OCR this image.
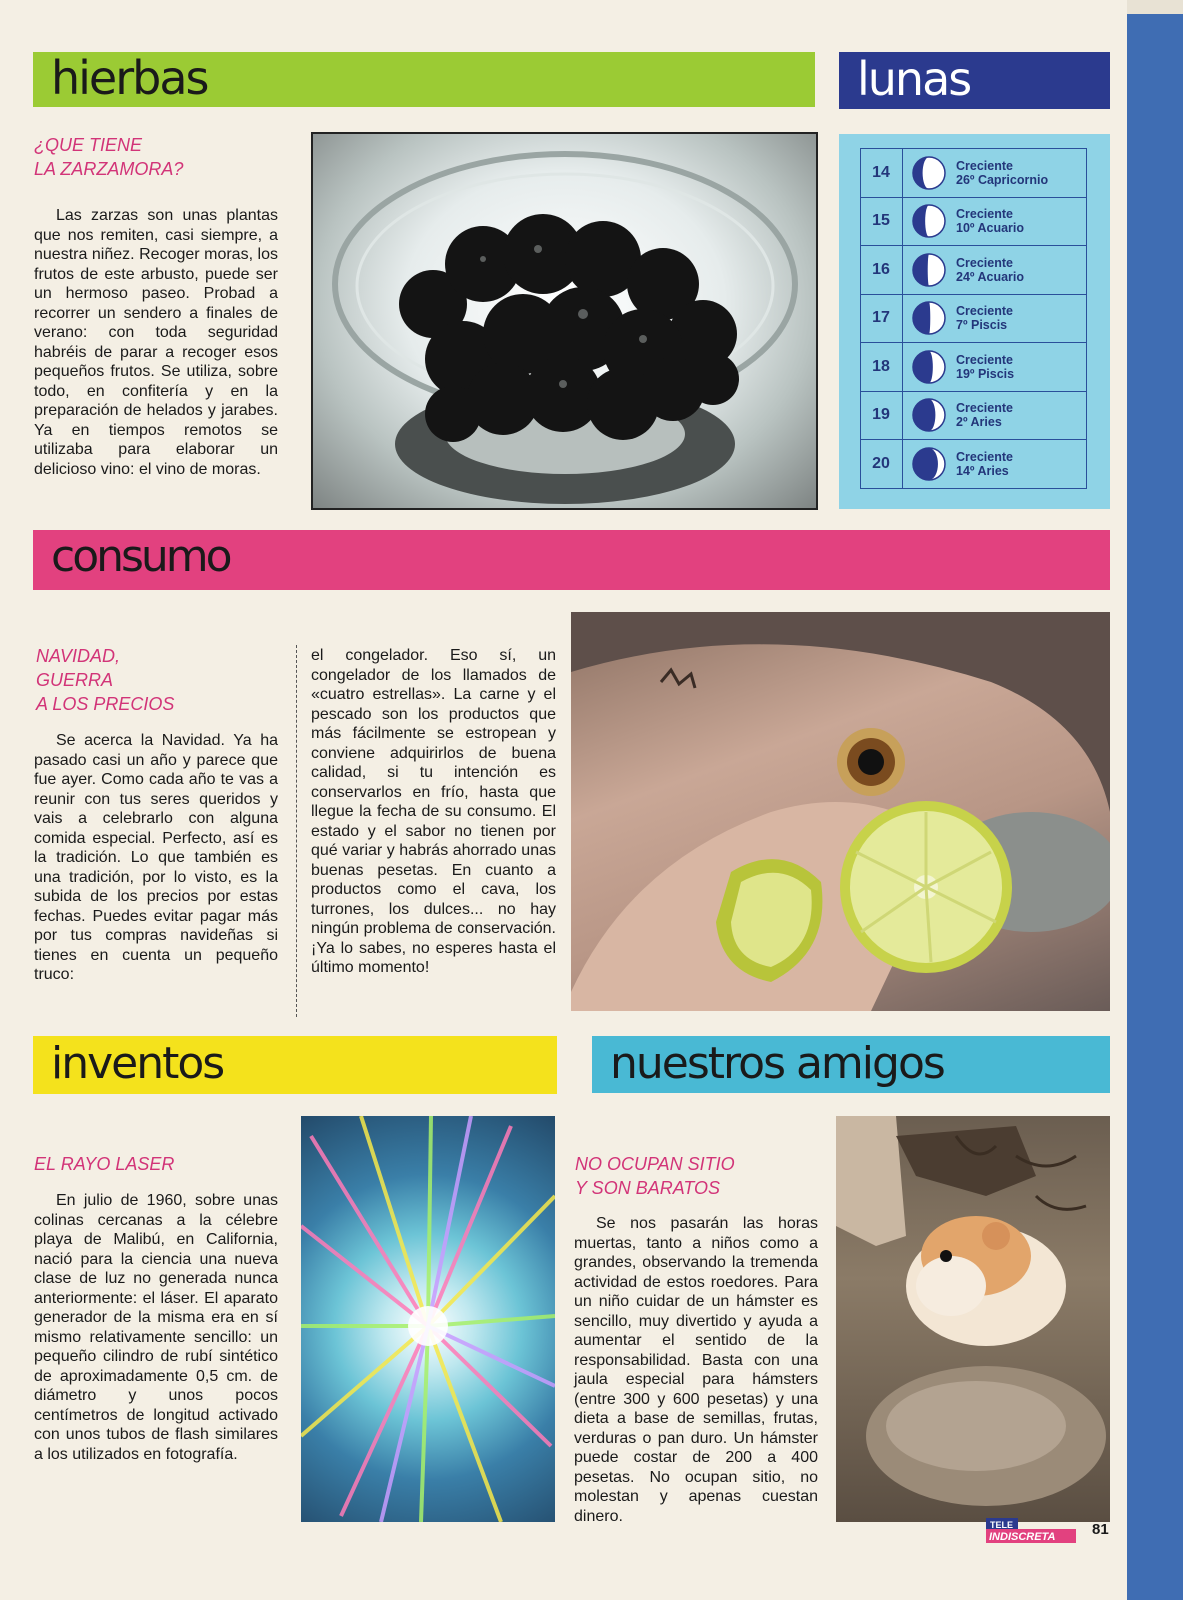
hierbas	lunas
¿QUE TIENE
LA ZARZAMORA?

Las zarzas son unas plantas que nos remiten, casi siempre, a nuestra niñez. Recoger moras, los frutos de este arbusto, puede ser un hermoso paseo. Probad a recorrer un sendero a finales de verano: con toda seguridad habréis de parar a recoger esos pequeños frutos. Se utiliza, sobre todo, en confitería y en la preparación de helados y jarabes. Ya en tiempos remotos se utilizaba para elaborar un delicioso vino: el vino de moras.

14	Creciente
26º Capricornio
15	Creciente
10º Acuario
16	Creciente
24º Acuario
17	Creciente
7º Piscis
18	Creciente
19º Piscis
19	Creciente
2º Aries
20	Creciente
14º Aries
consumo
NAVIDAD,
GUERRA
A LOS PRECIOS

Se acerca la Navidad. Ya ha pasado casi un año y parece que fue ayer. Como cada año te vas a reunir con tus seres queridos y vais a celebrarlo con alguna comida especial. Perfecto, así es la tradición. Lo que también es una tradición, por lo visto, es la subida de los precios por estas fechas. Puedes evitar pagar más por tus compras navideñas si tienes en cuenta un pequeño truco:

el congelador. Eso sí, un congelador de los llamados de «cuatro estrellas». La carne y el pescado son los productos que más fácilmente se estropean y conviene adquirirlos de buena calidad, si tu intención es conservarlos en frío, hasta que llegue la fecha de su consumo. El estado y el sabor no tienen por qué variar y habrás ahorrado unas buenas pesetas. En cuanto a productos como el cava, los turrones, los dulces... no hay ningún problema de conservación. ¡Ya lo sabes, no esperes hasta el último momento!

inventos	nuestros amigos
EL RAYO LASER

En julio de 1960, sobre unas colinas cercanas a la célebre playa de Malibú, en California, nació para la ciencia una nueva clase de luz no generada nunca anteriormente: el láser. El aparato generador de la misma era en sí mismo relativamente sencillo: un pequeño cilindro de rubí sintético de aproximadamente 0,5 cm. de diámetro y unos pocos centímetros de longitud activado con unos tubos de flash similares a los utilizados en fotografía.

NO OCUPAN SITIO
Y SON BARATOS

Se nos pasarán las horas muertas, tanto a niños como a grandes, observando la tremenda actividad de estos roedores. Para un niño cuidar de un hámster es sencillo, muy divertido y ayuda a aumentar el sentido de la responsabilidad. Basta con una jaula especial para hámsters (entre 300 y 600 pesetas) y una dieta a base de semillas, frutas, verduras o pan duro. Un hámster puede costar de 200 a 400 pesetas. No ocupan sitio, no molestan y apenas cuestan dinero.

TELE
INDISCRETA 81
